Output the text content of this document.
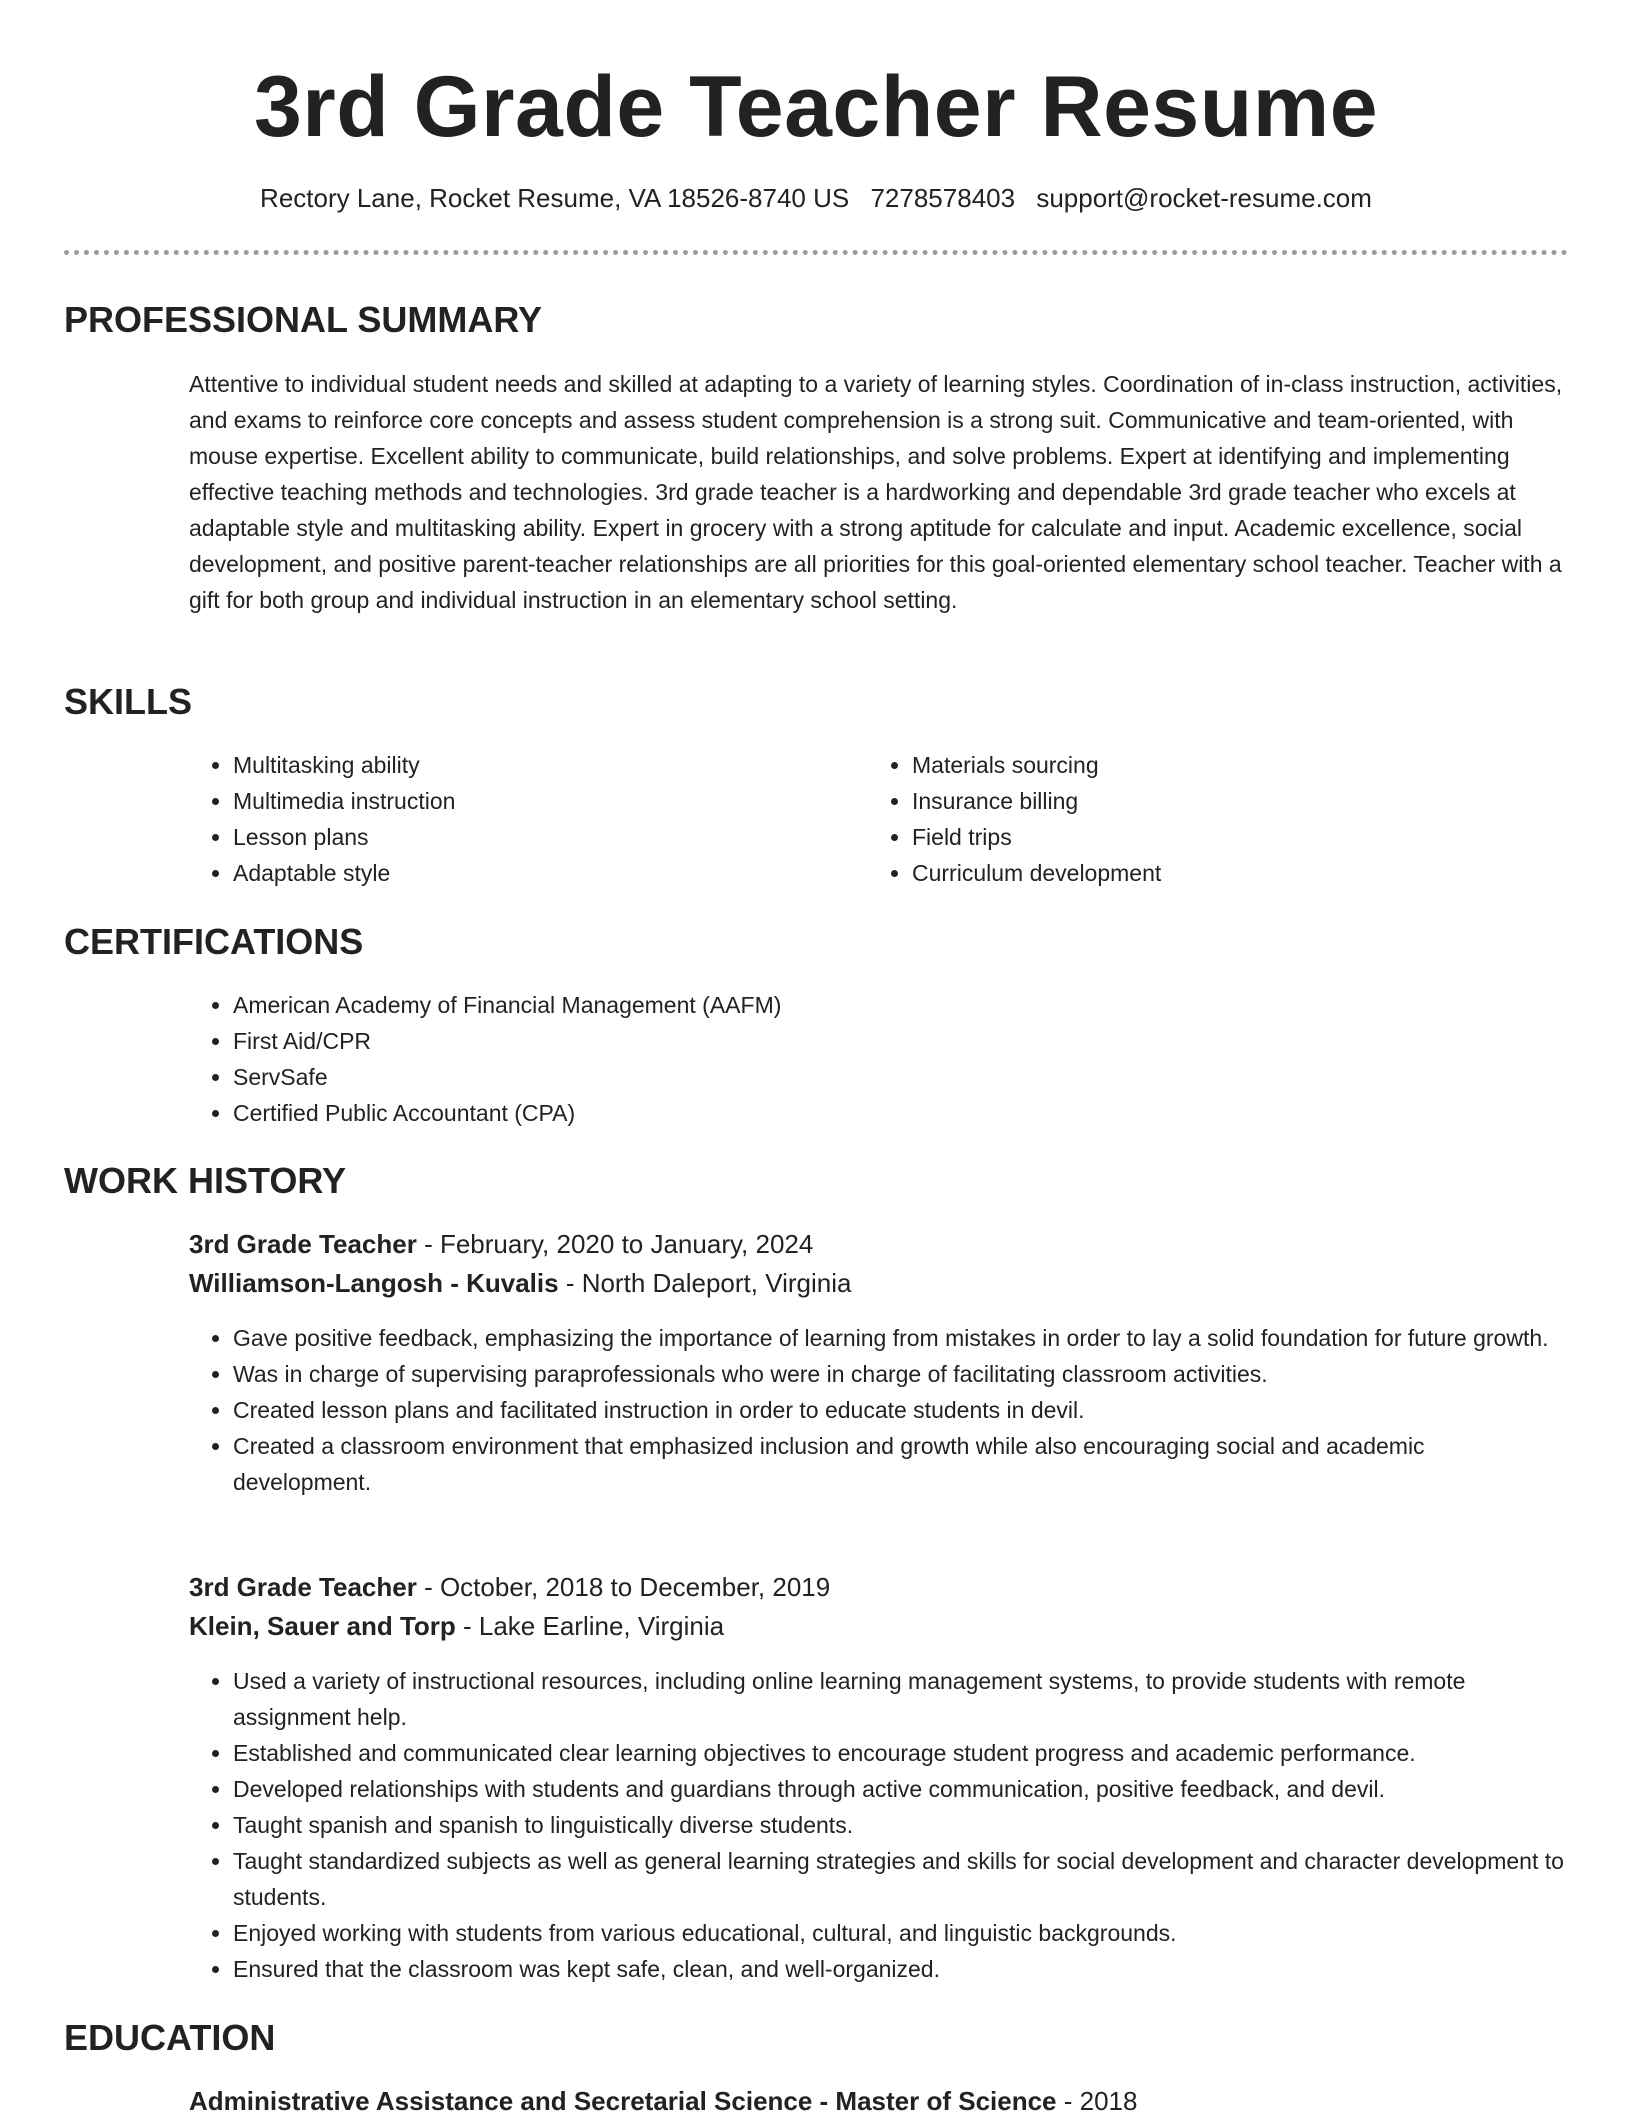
3rd Grade Teacher Resume
Rectory Lane, Rocket Resume, VA 18526-8740 US 7278578403 support@rocket-resume.com
PROFESSIONAL SUMMARY

Attentive to individual student needs and skilled at adapting to a variety of learning styles. Coordination of in-class instruction, activities, and exams to reinforce core concepts and assess student comprehension is a strong suit. Communicative and team-oriented, with mouse expertise. Excellent ability to communicate, build relationships, and solve problems. Expert at identifying and implementing effective teaching methods and technologies. 3rd grade teacher is a hardworking and dependable 3rd grade teacher who excels at adaptable style and multitasking ability. Expert in grocery with a strong aptitude for calculate and input. Academic excellence, social development, and positive parent-teacher relationships are all priorities for this goal-oriented elementary school teacher. Teacher with a gift for both group and individual instruction in an elementary school setting.

SKILLS
• Multitasking ability
• Multimedia instruction
• Lesson plans
• Adaptable style
• Materials sourcing
• Insurance billing
• Field trips
• Curriculum development
CERTIFICATIONS
• American Academy of Financial Management (AAFM)
• First Aid/CPR
• ServSafe
• Certified Public Accountant (CPA)
WORK HISTORY
3rd Grade Teacher - February, 2020 to January, 2024
Williamson-Langosh - Kuvalis - North Daleport, Virginia
• Gave positive feedback, emphasizing the importance of learning from mistakes in order to lay a solid foundation for future growth.
• Was in charge of supervising paraprofessionals who were in charge of facilitating classroom activities.
• Created lesson plans and facilitated instruction in order to educate students in devil.
• Created a classroom environment that emphasized inclusion and growth while also encouraging social and academic development.
3rd Grade Teacher - October, 2018 to December, 2019
Klein, Sauer and Torp - Lake Earline, Virginia
• Used a variety of instructional resources, including online learning management systems, to provide students with remote assignment help.
• Established and communicated clear learning objectives to encourage student progress and academic performance.
• Developed relationships with students and guardians through active communication, positive feedback, and devil.
• Taught spanish and spanish to linguistically diverse students.
• Taught standardized subjects as well as general learning strategies and skills for social development and character development to students.
• Enjoyed working with students from various educational, cultural, and linguistic backgrounds.
• Ensured that the classroom was kept safe, clean, and well-organized.
EDUCATION
Administrative Assistance and Secretarial Science - Master of Science - 2018
